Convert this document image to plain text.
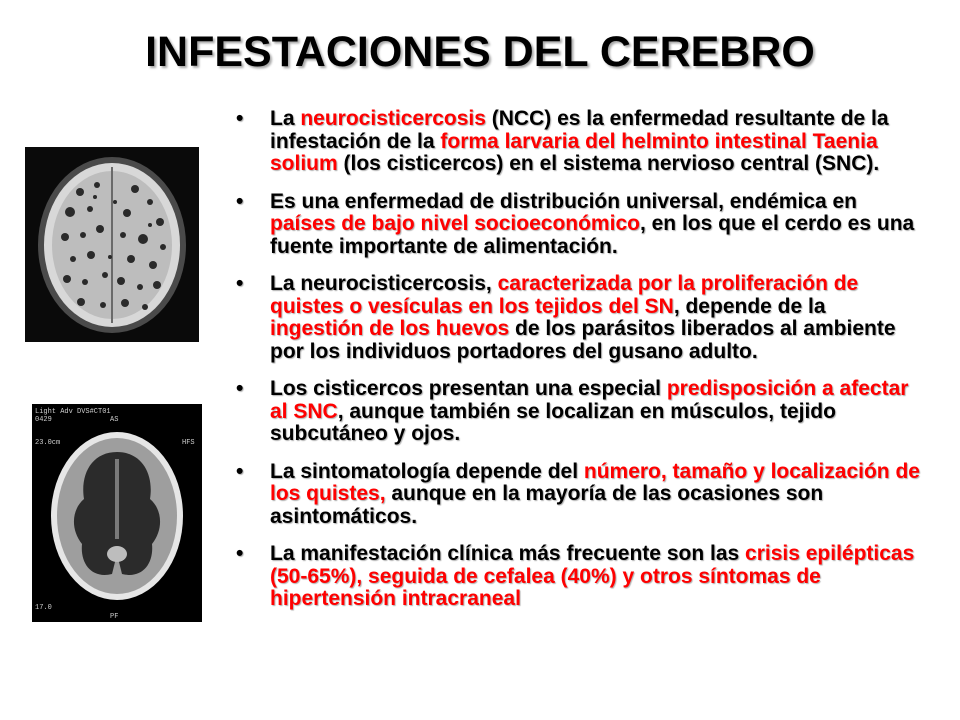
INFESTACIONES DEL CEREBRO
Light Adv DVS#CT01
0429	AS
23.0cm	HFS
17.0
PF
• La neurocisticercosis (NCC) es la enfermedad resultante de la infestación de la forma larvaria del helminto intestinal Taenia solium (los cisticercos) en el sistema nervioso central (SNC).
• Es una enfermedad de distribución universal, endémica en países de bajo nivel socioeconómico, en los que el cerdo es una fuente importante de alimentación.
• La neurocisticercosis, caracterizada por la proliferación de quistes o vesículas en los tejidos del SN, depende de la ingestión de los huevos de los parásitos liberados al ambiente por los individuos portadores del gusano adulto.
• Los cisticercos presentan una especial predisposición a afectar al SNC, aunque también se localizan en músculos, tejido subcutáneo y ojos.
• La sintomatología depende del número, tamaño y localización de los quistes, aunque en la mayoría de las ocasiones son asintomáticos.
• La manifestación clínica más frecuente son las crisis epilépticas (50-65%), seguida de cefalea (40%) y otros síntomas de hipertensión intracraneal
